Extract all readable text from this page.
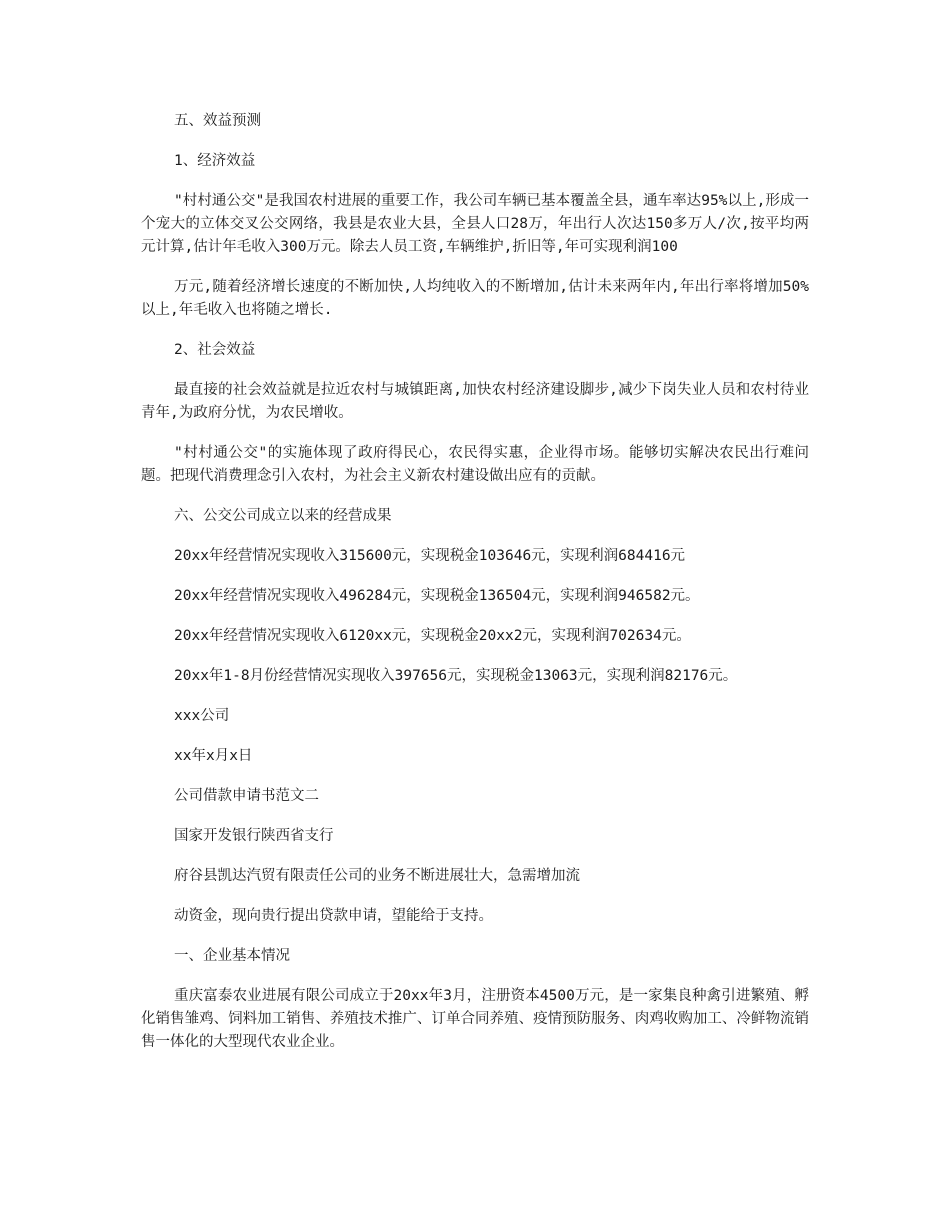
五、效益预测

1、经济效益

"村村通公交"是我国农村进展的重要工作，我公司车辆已基本覆盖全县，通车率达95%以上,形成一个宠大的立体交叉公交网络，我县是农业大县，全县人口28万，年出行人次达150多万人/次,按平均两元计算,估计年毛收入300万元。除去人员工资,车辆维护,折旧等,年可实现利润100

万元,随着经济增长速度的不断加快,人均纯收入的不断增加,估计未来两年内,年出行率将增加50%以上,年毛收入也将随之增长.

2、社会效益

最直接的社会效益就是拉近农村与城镇距离,加快农村经济建设脚步,减少下岗失业人员和农村待业青年,为政府分忧，为农民增收。

"村村通公交"的实施体现了政府得民心，农民得实惠，企业得市场。能够切实解决农民出行难问题。把现代消费理念引入农村，为社会主义新农村建设做出应有的贡献。

六、公交公司成立以来的经营成果

20xx年经营情况实现收入315600元，实现税金103646元，实现利润684416元

20xx年经营情况实现收入496284元，实现税金136504元，实现利润946582元。

20xx年经营情况实现收入6120xx元，实现税金20xx2元，实现利润702634元。

20xx年1-8月份经营情况实现收入397656元，实现税金13063元，实现利润82176元。

xxx公司

xx年x月x日

公司借款申请书范文二

国家开发银行陕西省支行

府谷县凯达汽贸有限责任公司的业务不断进展壮大，急需增加流

动资金，现向贵行提出贷款申请，望能给于支持。

一、企业基本情况

重庆富泰农业进展有限公司成立于20xx年3月，注册资本4500万元，是一家集良种禽引进繁殖、孵化销售雏鸡、饲料加工销售、养殖技术推广、订单合同养殖、疫情预防服务、肉鸡收购加工、冷鲜物流销售一体化的大型现代农业企业。
